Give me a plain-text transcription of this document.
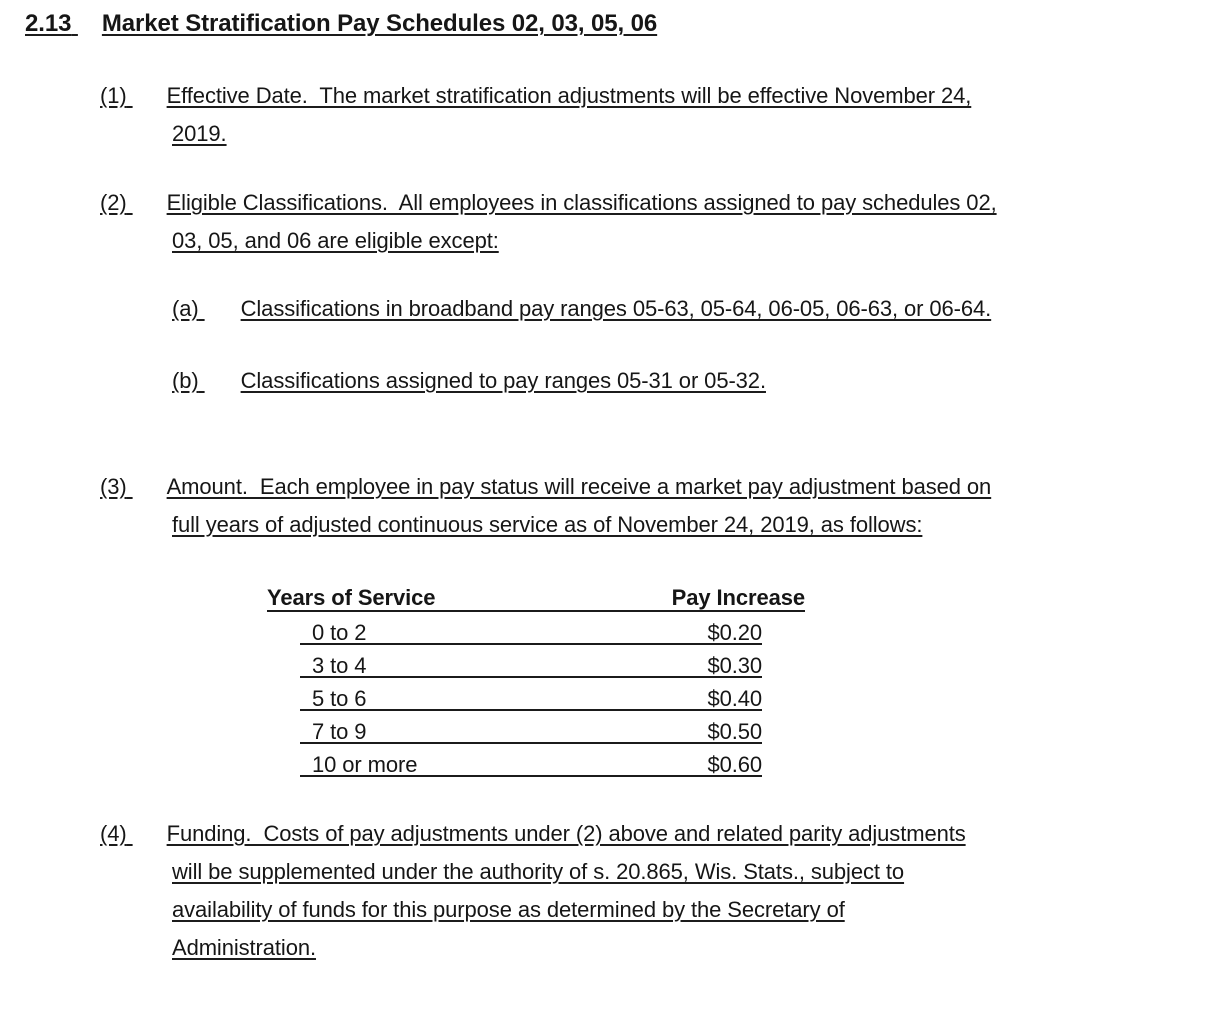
2.13 Market Stratification Pay Schedules 02, 03, 05, 06
(1) Effective Date.  The market stratification adjustments will be effective November 24,
2019.
(2) Eligible Classifications.  All employees in classifications assigned to pay schedules 02,
03, 05, and 06 are eligible except:
(a) Classifications in broadband pay ranges 05-63, 05-64, 06-05, 06-63, or 06-64.
(b) Classifications assigned to pay ranges 05-31 or 05-32.
(3) Amount.  Each employee in pay status will receive a market pay adjustment based on
full years of adjusted continuous service as of November 24, 2019, as follows:
Years of Service	Pay Increase
0 to 2	$0.20
3 to 4	$0.30
5 to 6	$0.40
7 to 9	$0.50
10 or more	$0.60
(4) Funding.  Costs of pay adjustments under (2) above and related parity adjustments
will be supplemented under the authority of s. 20.865, Wis. Stats., subject to
availability of funds for this purpose as determined by the Secretary of
Administration.
